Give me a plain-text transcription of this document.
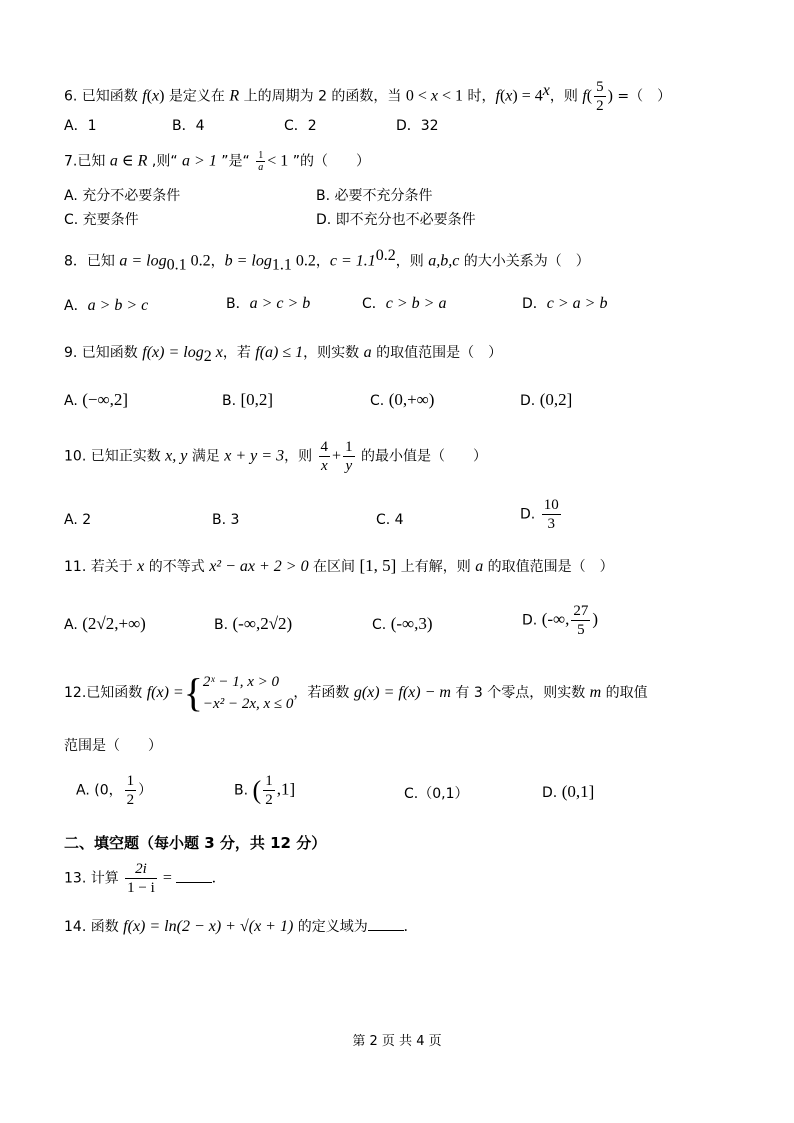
6. 已知函数 f(x) 是定义在 R 上的周期为 2 的函数，当 0 < x < 1 时，$f(x) = 4^x$，则 $f( \frac{5}{2}$ ) =（　）
A．1	B．4	C．2	D．32
7.已知 a ∈ R ,则“ a > 1 ”是“ $\frac{1}{a} < 1$ ”的（　　）
A. 充分不必要条件	B. 必要不充分条件
C. 充要条件	D. 即不充分也不必要条件
8．已知 $a = \log_{0.1} 0.2$，$b = \log_{1.1} 0.2$，$c = 1.1^{0.2}$，则 a,b,c 的大小关系为（　）
A．a > b > c	B．a > c > b	C．c > b > a	D．c > a > b
9. 已知函数 $f(x) = \log_2 x$，若 f(a) ≤ 1，则实数 a 的取值范围是（　）
A. (−∞,2]	B. [0,2]	C. (0,+∞)	D. (0,2]
10. 已知正实数 x, y 满足 x + y = 3，则 $\frac{4}{x} + \frac{1}{y}$ 的最小值是（　　）
A. 2	B. 3	C. 4	D. $\frac{10}{3}$
11. 若关于 x 的不等式 x² − ax + 2 > 0 在区间 [1, 5] 上有解，则 a 的取值范围是（　）
A. (2√2,+∞)	B. (-∞,2√2)	C. (-∞,3)	D. (-∞, $\frac{27}{5}$ )
12.已知函数 f(x) ={ 2ˣ − 1, x > 0
−x² − 2x, x ≤ 0
，若函数 g(x) = f(x) − m 有 3 个零点，则实数 m 的取值
范围是（　　）
A. (0， $\frac{1}{2}$ ）	B. ( $\frac{1}{2} ,1$]	C.（0,1）	D. (0,1]
二、填空题（每小题 3 分，共 12 分）
13. 计算 $\frac{2i}{1 - i}$ = .
14. 函数 f(x) = ln(2 − x) + √(x + 1) 的定义域为 .
第 2 页 共 4 页
